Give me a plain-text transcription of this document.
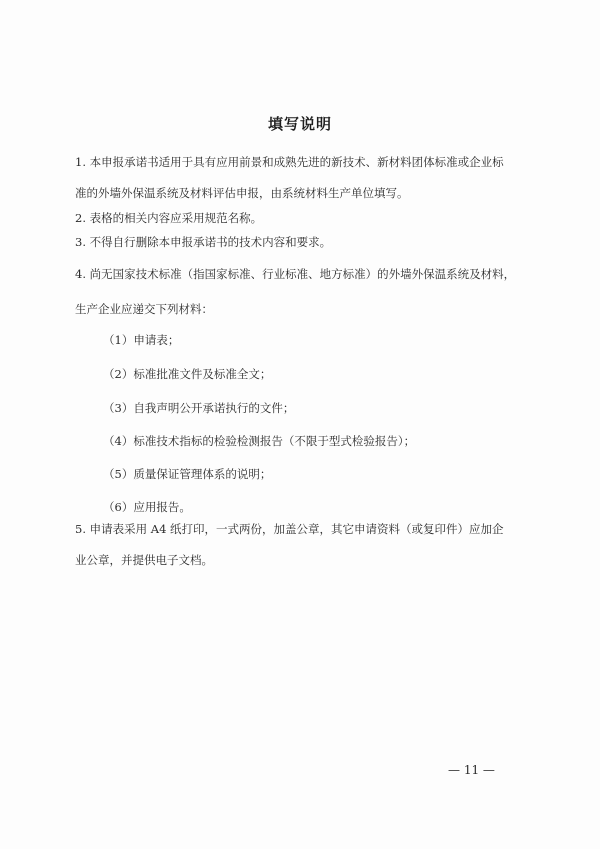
填写说明
1. 本申报承诺书适用于具有应用前景和成熟先进的新技术、新材料团体标准或企业标
准的外墙外保温系统及材料评估申报，由系统材料生产单位填写。
2. 表格的相关内容应采用规范名称。
3. 不得自行删除本申报承诺书的技术内容和要求。
4. 尚无国家技术标准（指国家标准、行业标准、地方标准）的外墙外保温系统及材料，
生产企业应递交下列材料：
（1）申请表；
（2）标准批准文件及标准全文；
（3）自我声明公开承诺执行的文件；
（4）标准技术指标的检验检测报告（不限于型式检验报告）；
（5）质量保证管理体系的说明；
（6）应用报告。
5. 申请表采用 A4 纸打印，一式两份，加盖公章，其它申请资料（或复印件）应加企
业公章，并提供电子文档。
— 11 —
